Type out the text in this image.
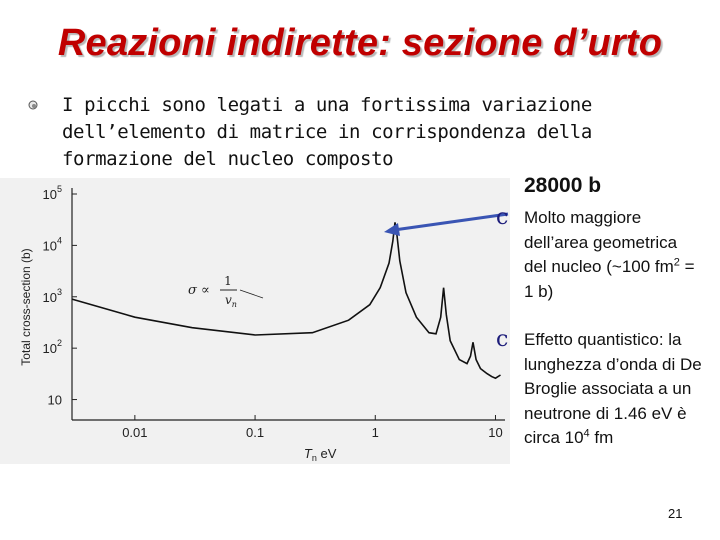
Reazioni indirette: sezione d’urto
I picchi sono legati a una fortissima variazione
dell’elemento di matrice in corrispondenza della
formazione del nucleo composto
$10^5$
$10^4$
$10^3$
$10^2$
10
0.01	0.1	1	10
Total cross-section (b)
$T_n$ eV
σ ∝
1
$v_n$
28000 b
c Molto maggiore dell’area geometrica del nucleo (~100 $fm^2 = 1$ b)
c Effetto quantistico: la lunghezza d’onda di De Broglie associata a un neutrone di 1.46 eV è circa $10^4$ fm
21
